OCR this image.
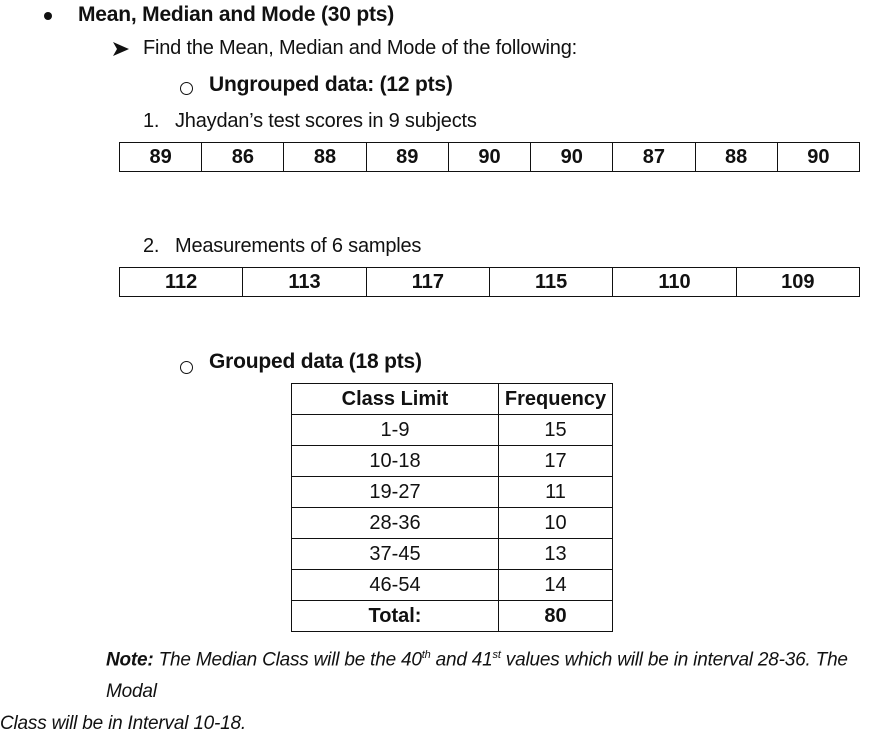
Mean, Median and Mode (30 pts)
Find the Mean, Median and Mode of the following:
Ungrouped data: (12 pts)
1. Jhaydan’s test scores in 9 subjects
89	86	88	89	90	90	87	88	90
2. Measurements of 6 samples
112	113	117	115	110	109
Grouped data (18 pts)
Class Limit	Frequency
1-9	15
10-18	17
19-27	11
28-36	10
37-45	13
46-54	14
Total:	80
Note: The Median Class will be the 40th and 41st values which will be in interval 28-36. The Modal
Class will be in Interval 10-18.
